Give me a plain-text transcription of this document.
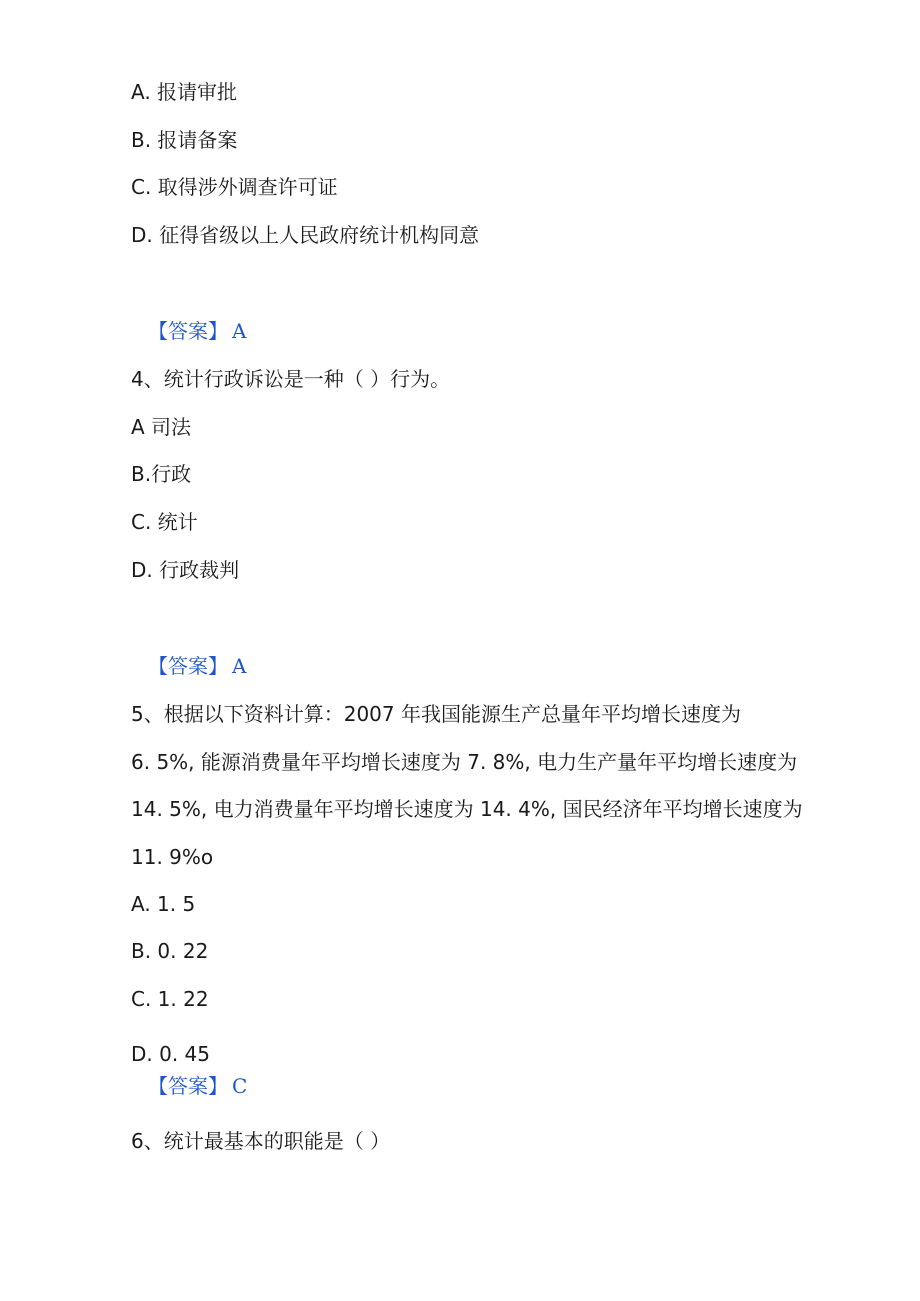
A. 报请审批
B. 报请备案
C. 取得涉外调查许可证
D. 征得省级以上人民政府统计机构同意
【答案】 A
4、统计行政诉讼是一种（ ）行为。
A 司法
B.行政
C. 统计
D. 行政裁判
【答案】 A
5、根据以下资料计算：2007 年我国能源生产总量年平均增长速度为
6. 5%, 能源消费量年平均增长速度为 7. 8%, 电力生产量年平均增长速度为
14. 5%, 电力消费量年平均增长速度为 14. 4%, 国民经济年平均增长速度为
11. 9%o
A. 1. 5
B. 0. 22
C. 1. 22
D. 0. 45
【答案】 C
6、统计最基本的职能是（ ）
